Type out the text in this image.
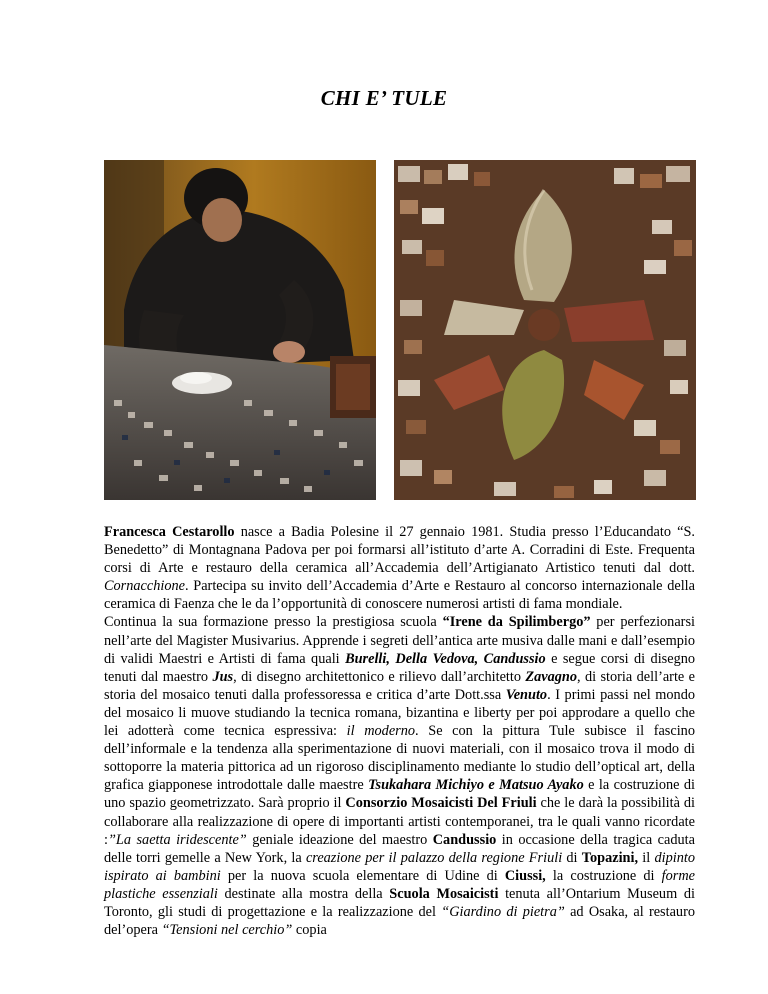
CHI E’ TULE

Francesca Cestarollo nasce a Badia Polesine il 27 gennaio 1981. Studia presso l’Educandato “S. Benedetto” di Montagnana Padova per poi formarsi all’istituto d’arte A. Corradini di Este. Frequenta corsi di Arte e restauro della ceramica all’Accademia dell’Artigianato Artistico tenuti dal dott. Cornacchione. Partecipa su invito dell’Accademia d’Arte e Restauro al concorso internazionale della ceramica di Faenza che le da l’opportunità di conoscere numerosi artisti di fama mondiale.

Continua la sua formazione presso la prestigiosa scuola “Irene da Spilimbergo” per perfezionarsi nell’arte del Magister Musivarius. Apprende i segreti dell’antica arte musiva dalle mani e dall’esempio di validi Maestri e Artisti di fama quali Burelli, Della Vedova, Candussio e segue corsi di disegno tenuti dal maestro Jus, di disegno architettonico e rilievo dall’architetto Zavagno, di storia dell’arte e storia del mosaico tenuti dalla professoressa e critica d’arte Dott.ssa Venuto. I primi passi nel mondo del mosaico li muove studiando la tecnica romana, bizantina e liberty per poi approdare a quello che lei adotterà come tecnica espressiva: il moderno. Se con la pittura Tule subisce il fascino dell’informale e la tendenza alla sperimentazione di nuovi materiali, con il mosaico trova il modo di sottoporre la materia pittorica ad un rigoroso disciplinamento mediante lo studio dell’optical art, della grafica giapponese introdottale dalle maestre Tsukahara Michiyo e Matsuo Ayako e la costruzione di uno spazio geometrizzato. Sarà proprio il Consorzio Mosaicisti Del Friuli che le darà la possibilità di collaborare alla realizzazione di opere di importanti artisti contemporanei, tra le quali vanno ricordate :”La saetta iridescente” geniale ideazione del maestro Candussio in occasione della tragica caduta delle torri gemelle a New York, la creazione per il palazzo della regione Friuli di Topazini, il dipinto ispirato ai bambini per la nuova scuola elementare di Udine di Ciussi, la costruzione di forme plastiche essenziali destinate alla mostra della Scuola Mosaicisti tenuta all’Ontarium Museum di Toronto, gli studi di progettazione e la realizzazione del “Giardino di pietra” ad Osaka, al restauro del’opera “Tensioni nel cerchio” copia
